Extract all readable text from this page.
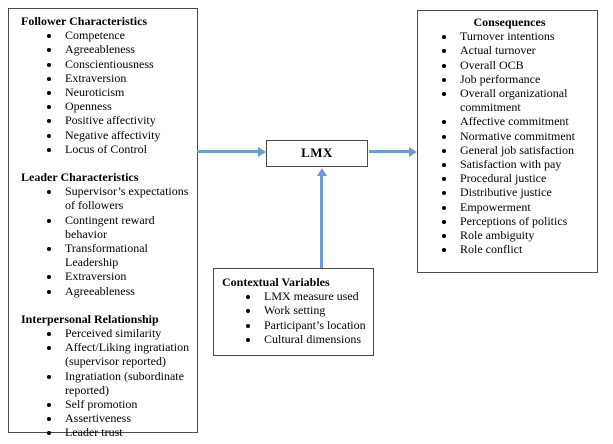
Follower Characteristics
• Competence
• Agreeableness
• Conscientiousness
• Extraversion
• Neuroticism
• Openness
• Positive affectivity
• Negative affectivity
• Locus of Control
Leader Characteristics
• Supervisor’s expectations of followers
• Contingent reward behavior
• Transformational Leadership
• Extraversion
• Agreeableness
Interpersonal Relationship
• Perceived similarity
• Affect/Liking ingratiation (supervisor reported)
• Ingratiation (subordinate reported)
• Self promotion
• Assertiveness
• Leader trust
LMX
Contextual Variables
• LMX measure used
• Work setting
• Participant’s location
• Cultural dimensions
Consequences
• Turnover intentions
• Actual turnover
• Overall OCB
• Job performance
• Overall organizational commitment
• Affective commitment
• Normative commitment
• General job satisfaction
• Satisfaction with pay
• Procedural justice
• Distributive justice
• Empowerment
• Perceptions of politics
• Role ambiguity
• Role conflict
